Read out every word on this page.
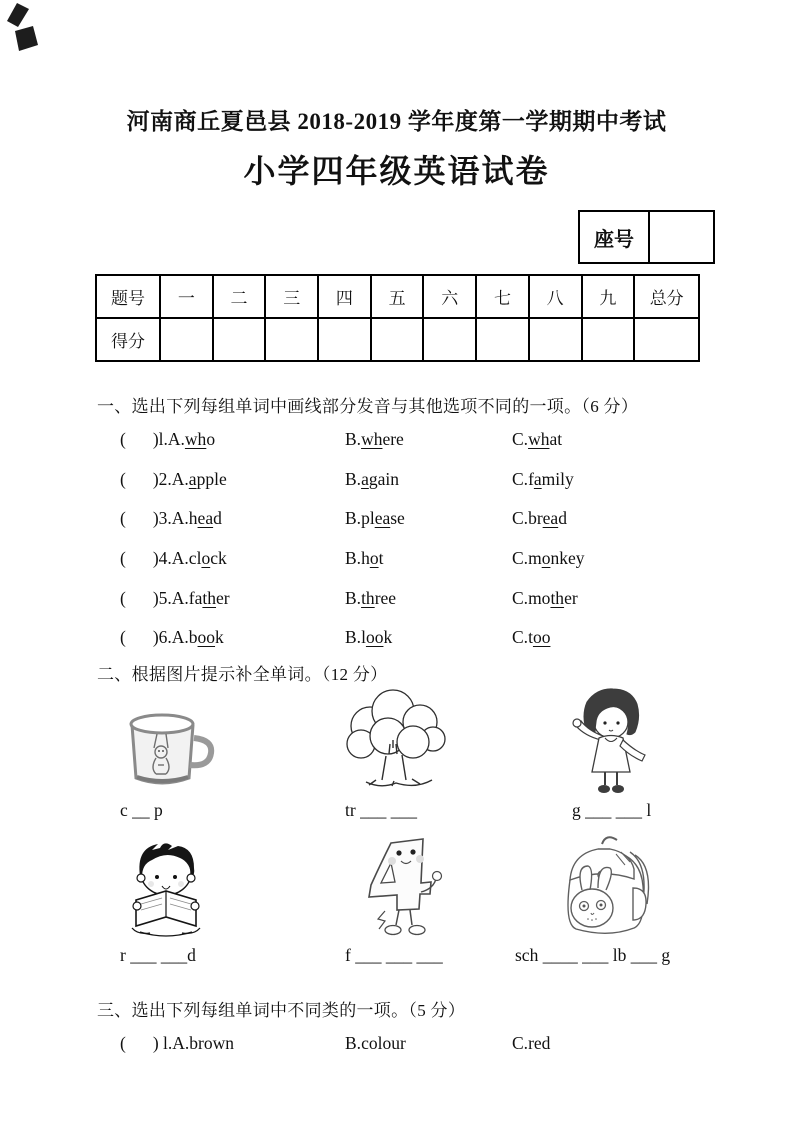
河南商丘夏邑县 2018-2019 学年度第一学期期中考试
小学四年级英语试卷
座号
题号	一	二	三	四	五	六	七	八	九	总分
得分										
一、选出下列每组单词中画线部分发音与其他选项不同的一项。（6 分）
( )l.A.who	B.where	C.what
( )2.A.apple	B.again	C.family
( )3.A.head	B.please	C.bread
( )4.A.clock	B.hot	C.monkey
( )5.A.father	B.three	C.mother
( )6.A.book	B.look	C.too
二、根据图片提示补全单词。（12 分）
c __ p	tr ___ ___	g ___ ___ l
r ___ ___d	f ___ ___ ___	sch ____ ___ lb ___ g
三、选出下列每组单词中不同类的一项。（5 分）
( ) l.A.brown	B.colour	C.red
